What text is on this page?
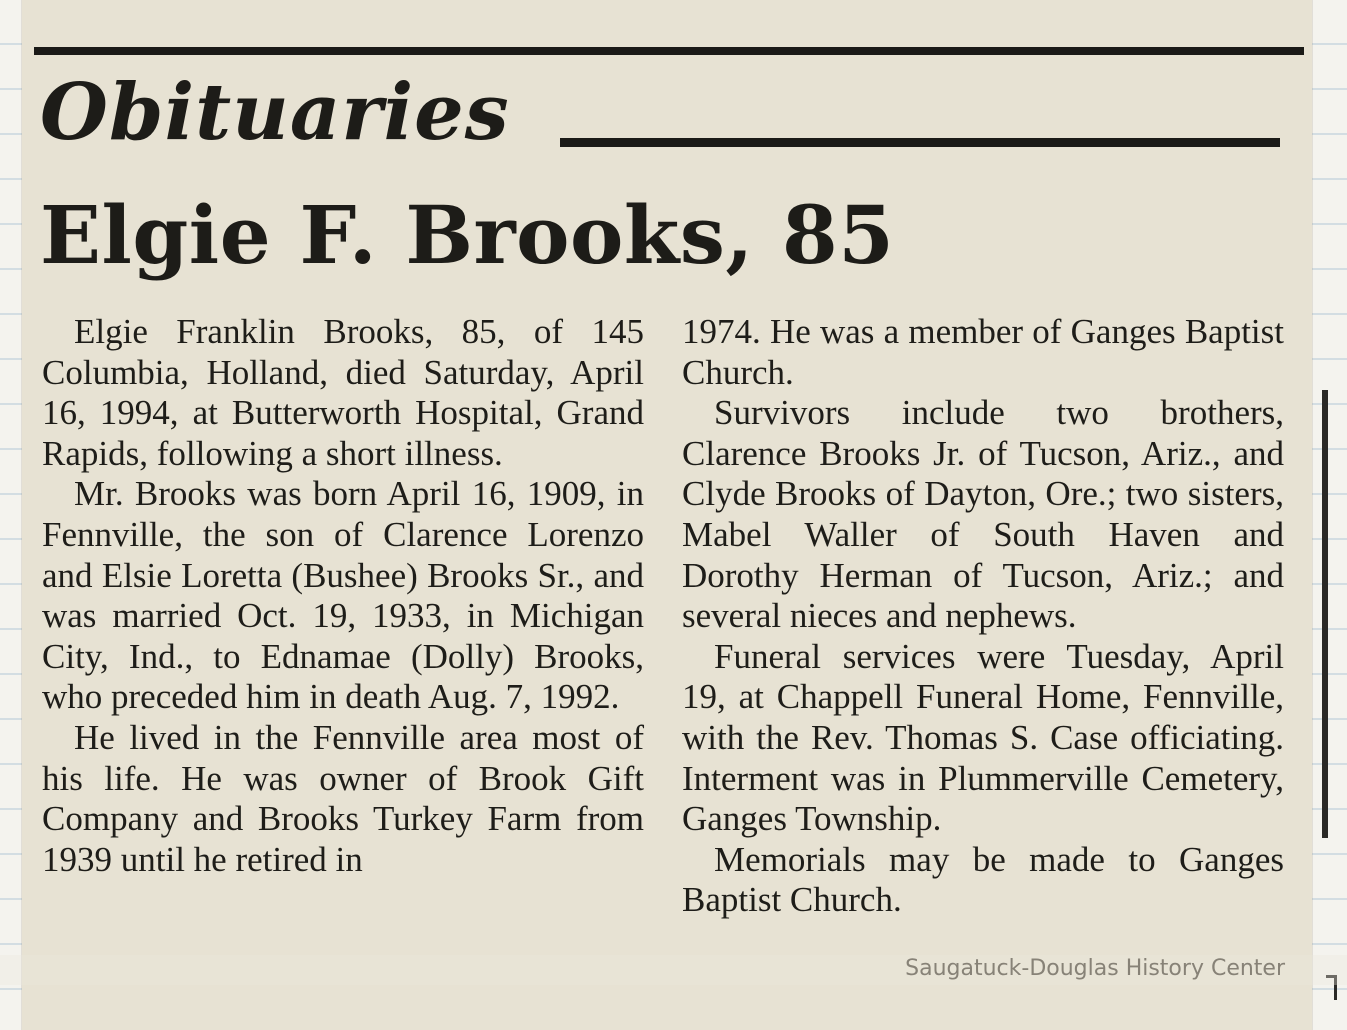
Obituaries
Elgie F. Brooks, 85

Elgie Franklin Brooks, 85, of 145 Columbia, Holland, died Saturday, April 16, 1994, at Butterworth Hospital, Grand Rapids, following a short illness.

Mr. Brooks was born April 16, 1909, in Fennville, the son of Clarence Lorenzo and Elsie Loretta (Bushee) Brooks Sr., and was married Oct. 19, 1933, in Michigan City, Ind., to Ednamae (Dolly) Brooks, who preceded him in death Aug. 7, 1992.

He lived in the Fennville area most of his life. He was owner of Brook Gift Company and Brooks Turkey Farm from 1939 until he retired in

1974. He was a member of Ganges Baptist Church.

Survivors include two brothers, Clarence Brooks Jr. of Tucson, Ariz., and Clyde Brooks of Dayton, Ore.; two sisters, Mabel Waller of South Haven and Dorothy Herman of Tucson, Ariz.; and several nieces and nephews.

Funeral services were Tuesday, April 19, at Chappell Funeral Home, Fennville, with the Rev. Thomas S. Case officiating. Interment was in Plummerville Cemetery, Ganges Township.

Memorials may be made to Ganges Baptist Church.

Saugatuck-Douglas History Center
